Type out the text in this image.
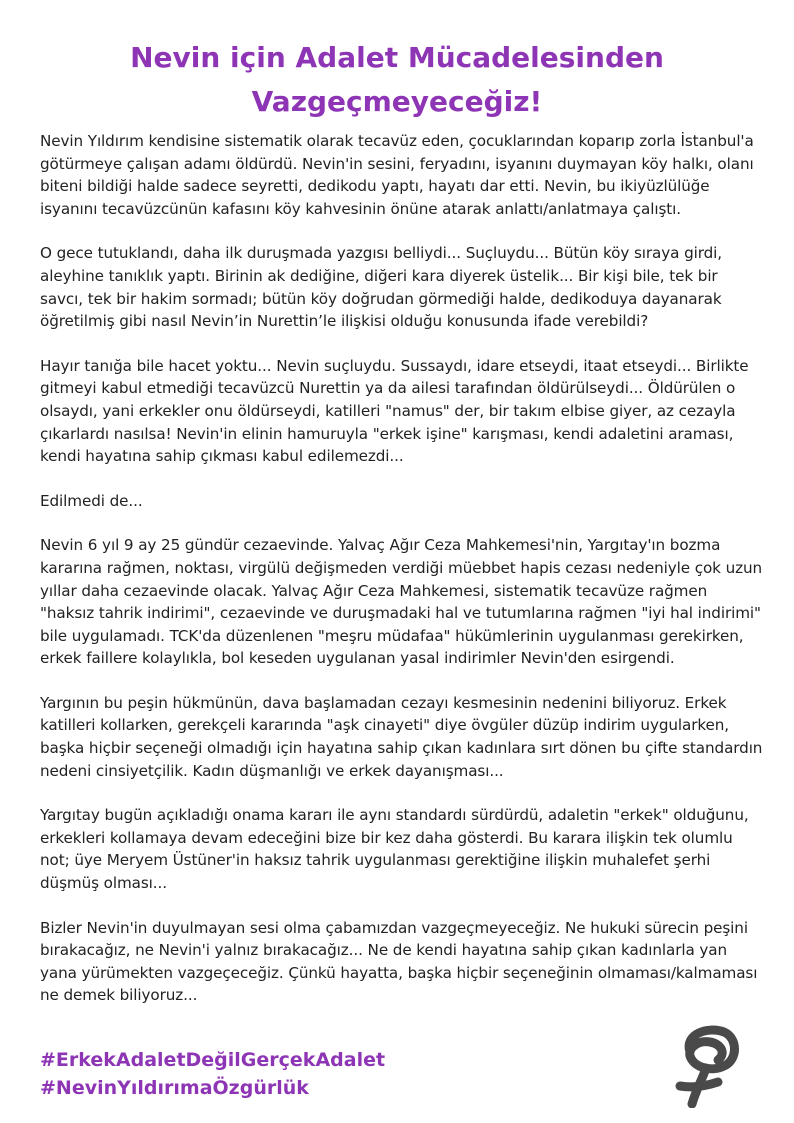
Nevin için Adalet Mücadelesinden
Vazgeçmeyeceğiz!

Nevin Yıldırım kendisine sistematik olarak tecavüz eden, çocuklarından koparıp zorla İstanbul'a götürmeye çalışan adamı öldürdü. Nevin'in sesini, feryadını, isyanını duymayan köy halkı, olanı biteni bildiği halde sadece seyretti, dedikodu yaptı, hayatı dar etti. Nevin, bu ikiyüzlülüğe isyanını tecavüzcünün kafasını köy kahvesinin önüne atarak anlattı/anlatmaya çalıştı.

O gece tutuklandı, daha ilk duruşmada yazgısı belliydi... Suçluydu... Bütün köy sıraya girdi, aleyhine tanıklık yaptı. Birinin ak dediğine, diğeri kara diyerek üstelik... Bir kişi bile, tek bir savcı, tek bir hakim sormadı; bütün köy doğrudan görmediği halde, dedikoduya dayanarak öğretilmiş gibi nasıl Nevin’in Nurettin’le ilişkisi olduğu konusunda ifade verebildi?

Hayır tanığa bile hacet yoktu... Nevin suçluydu. Sussaydı, idare etseydi, itaat etseydi... Birlikte gitmeyi kabul etmediği tecavüzcü Nurettin ya da ailesi tarafından öldürülseydi... Öldürülen o olsaydı, yani erkekler onu öldürseydi, katilleri "namus" der, bir takım elbise giyer, az cezayla çıkarlardı nasılsa! Nevin'in elinin hamuruyla "erkek işine" karışması, kendi adaletini araması, kendi hayatına sahip çıkması kabul edilemezdi...

Edilmedi de...

Nevin 6 yıl 9 ay 25 gündür cezaevinde. Yalvaç Ağır Ceza Mahkemesi'nin, Yargıtay'ın bozma kararına rağmen, noktası, virgülü değişmeden verdiği müebbet hapis cezası nedeniyle çok uzun yıllar daha cezaevinde olacak. Yalvaç Ağır Ceza Mahkemesi, sistematik tecavüze rağmen "haksız tahrik indirimi", cezaevinde ve duruşmadaki hal ve tutumlarına rağmen "iyi hal indirimi" bile uygulamadı. TCK'da düzenlenen "meşru müdafaa" hükümlerinin uygulanması gerekirken, erkek faillere kolaylıkla, bol keseden uygulanan yasal indirimler Nevin'den esirgendi.

Yargının bu peşin hükmünün, dava başlamadan cezayı kesmesinin nedenini biliyoruz. Erkek katilleri kollarken, gerekçeli kararında "aşk cinayeti" diye övgüler düzüp indirim uygularken, başka hiçbir seçeneği olmadığı için hayatına sahip çıkan kadınlara sırt dönen bu çifte standardın nedeni cinsiyetçilik. Kadın düşmanlığı ve erkek dayanışması...

Yargıtay bugün açıkladığı onama kararı ile aynı standardı sürdürdü, adaletin "erkek" olduğunu, erkekleri kollamaya devam edeceğini bize bir kez daha gösterdi. Bu karara ilişkin tek olumlu not; üye Meryem Üstüner'in haksız tahrik uygulanması gerektiğine ilişkin muhalefet şerhi düşmüş olması...

Bizler Nevin'in duyulmayan sesi olma çabamızdan vazgeçmeyeceğiz. Ne hukuki sürecin peşini bırakacağız, ne Nevin'i yalnız bırakacağız... Ne de kendi hayatına sahip çıkan kadınlarla yan yana yürümekten vazgeçeceğiz. Çünkü hayatta, başka hiçbir seçeneğinin olmaması/kalmaması ne demek biliyoruz...

#ErkekAdaletDeğilGerçekAdalet
#NevinYıldırımaÖzgürlük
